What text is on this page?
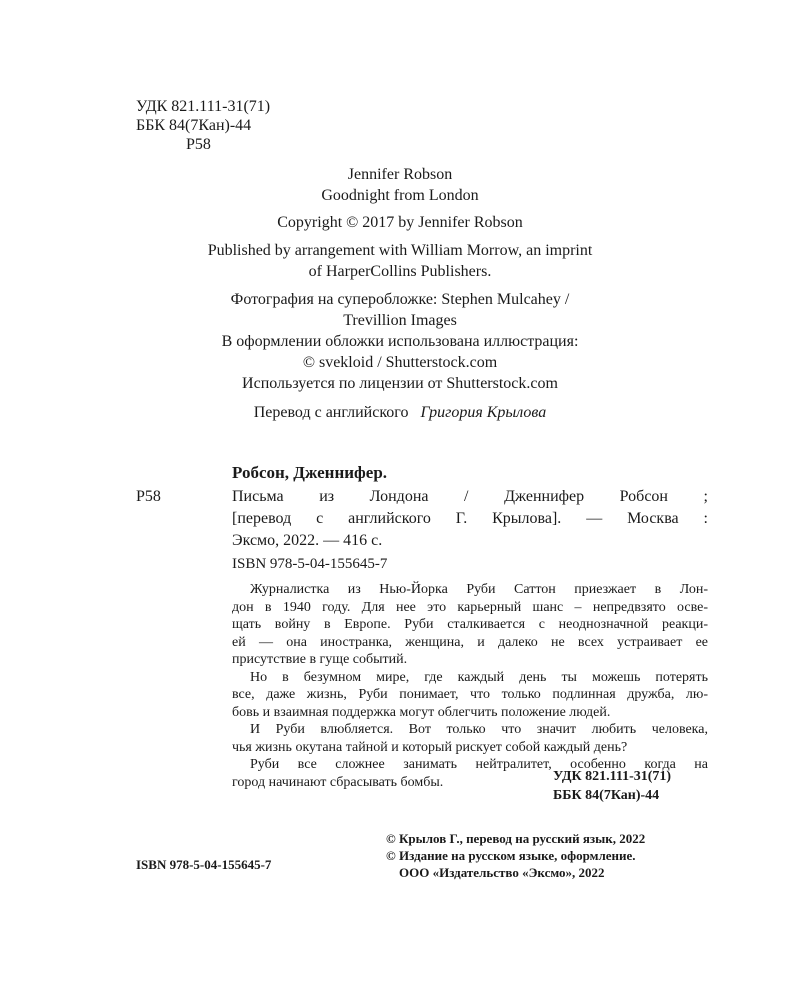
УДК 821.111-31(71)
ББК 84(7Кан)-44
Р58
Jennifer Robson
Goodnight from London
Copyright © 2017 by Jennifer Robson
Published by arrangement with William Morrow, an imprint
of HarperCollins Publishers.
Фотография на суперобложке: Stephen Mulcahey /
Trevillion Images
В оформлении обложки использована иллюстрация:
© svekloid / Shutterstock.com
Используется по лицензии от Shutterstock.com
Перевод с английского Григория Крылова
Робсон, Дженнифер.
Р58	Письма из Лондона / Дженнифер Робсон ;
[перевод с английского Г. Крылова]. — Москва :
Эксмо, 2022. — 416 с.
ISBN 978-5-04-155645-7
Журналистка из Нью-Йорка Руби Саттон приезжает в Лон-
дон в 1940 году. Для нее это карьерный шанс – непредвзято осве-
щать войну в Европе. Руби сталкивается с неоднозначной реакци-
ей — она иностранка, женщина, и далеко не всех устраивает ее
присутствие в гуще событий.
Но в безумном мире, где каждый день ты можешь потерять
все, даже жизнь, Руби понимает, что только подлинная дружба, лю-
бовь и взаимная поддержка могут облегчить положение людей.
И Руби влюбляется. Вот только что значит любить человека,
чья жизнь окутана тайной и который рискует собой каждый день?
Руби все сложнее занимать нейтралитет, особенно когда на
город начинают сбрасывать бомбы.	УДК 821.111-31(71)
ББК 84(7Кан)-44
ISBN 978-5-04-155645-7
© Крылов Г., перевод на русский язык, 2022
© Издание на русском языке, оформление.
ООО «Издательство «Эксмо», 2022
